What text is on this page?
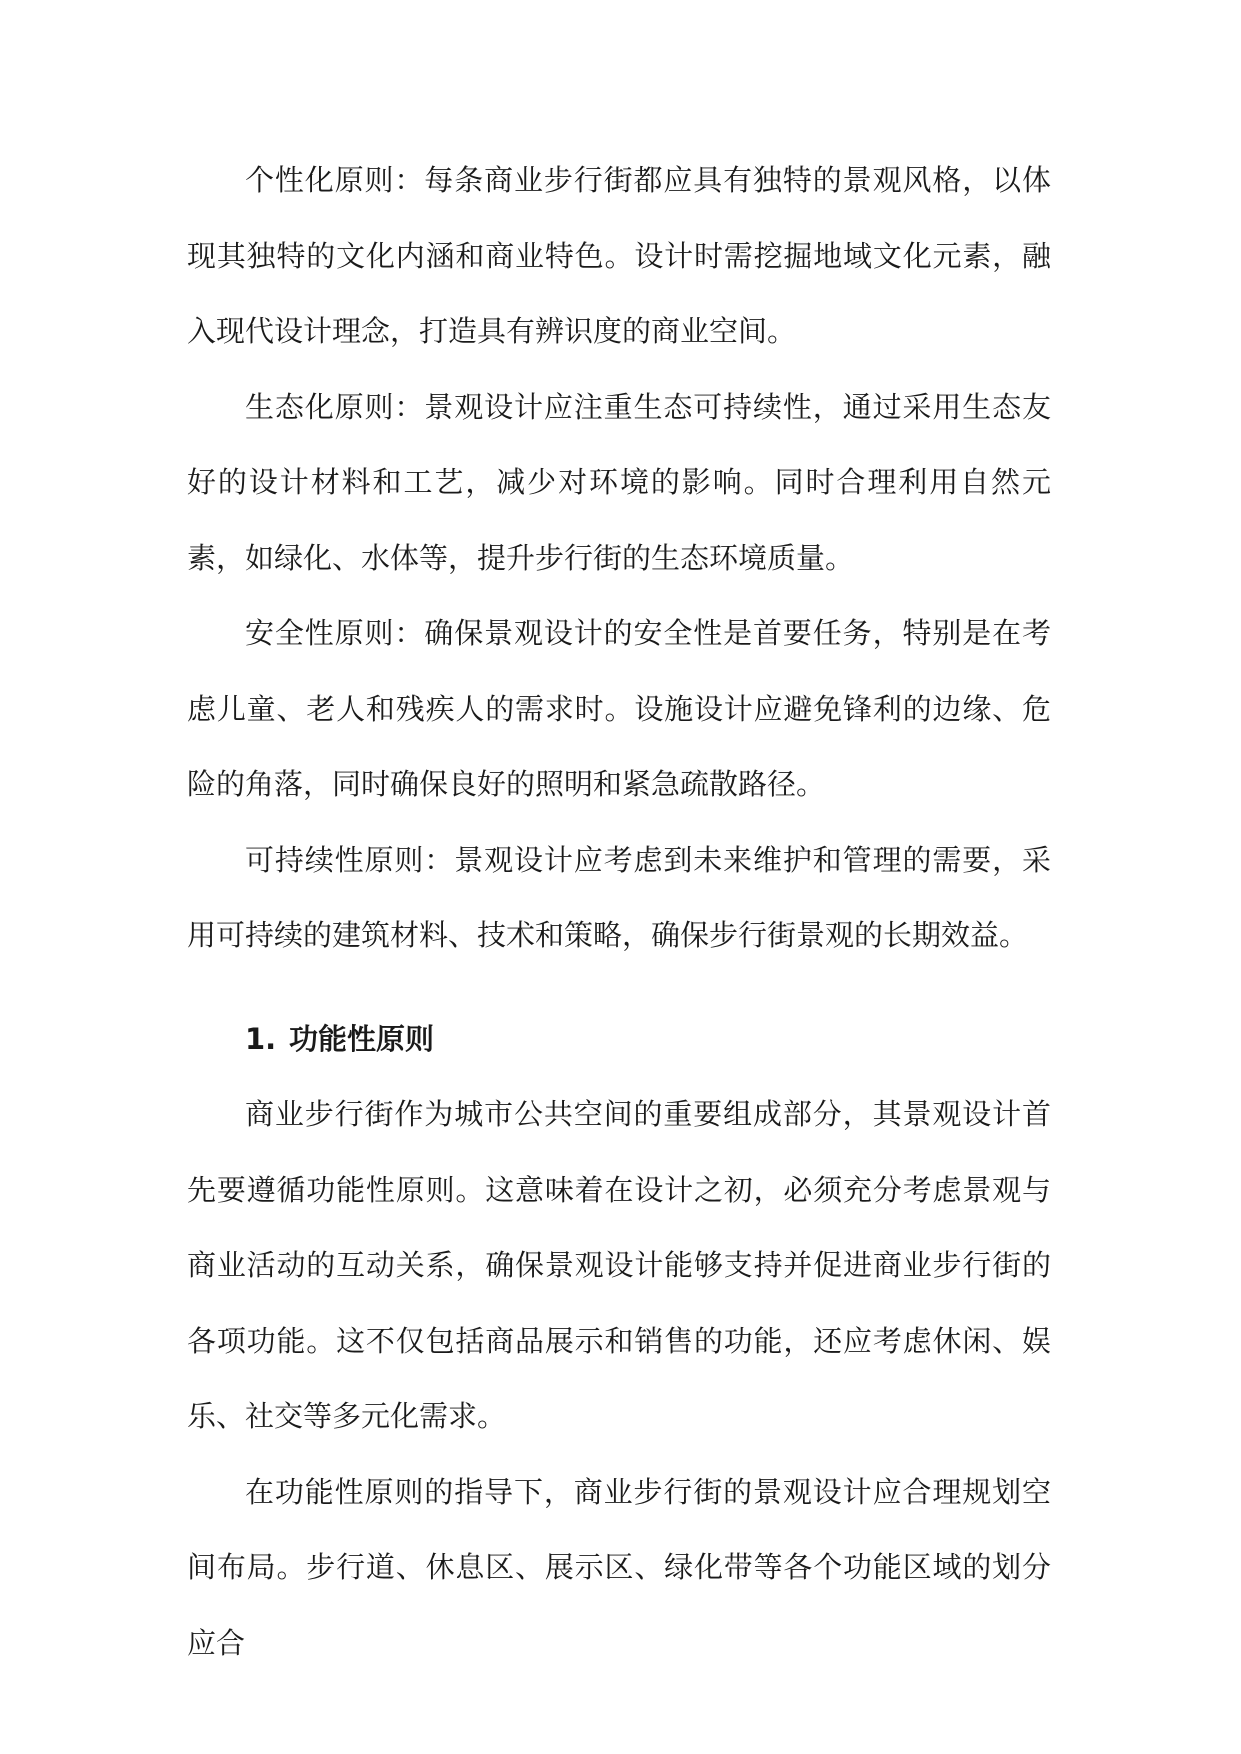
个性化原则：每条商业步行街都应具有独特的景观风格，以体现其独特的文化内涵和商业特色。设计时需挖掘地域文化元素，融入现代设计理念，打造具有辨识度的商业空间。

生态化原则：景观设计应注重生态可持续性，通过采用生态友好的设计材料和工艺，减少对环境的影响。同时合理利用自然元素，如绿化、水体等，提升步行街的生态环境质量。

安全性原则：确保景观设计的安全性是首要任务，特别是在考虑儿童、老人和残疾人的需求时。设施设计应避免锋利的边缘、危险的角落，同时确保良好的照明和紧急疏散路径。

可持续性原则：景观设计应考虑到未来维护和管理的需要，采用可持续的建筑材料、技术和策略，确保步行街景观的长期效益。

1. 功能性原则

商业步行街作为城市公共空间的重要组成部分，其景观设计首先要遵循功能性原则。这意味着在设计之初，必须充分考虑景观与商业活动的互动关系，确保景观设计能够支持并促进商业步行街的各项功能。这不仅包括商品展示和销售的功能，还应考虑休闲、娱乐、社交等多元化需求。

在功能性原则的指导下，商业步行街的景观设计应合理规划空间布局。步行道、休息区、展示区、绿化带等各个功能区域的划分应合
